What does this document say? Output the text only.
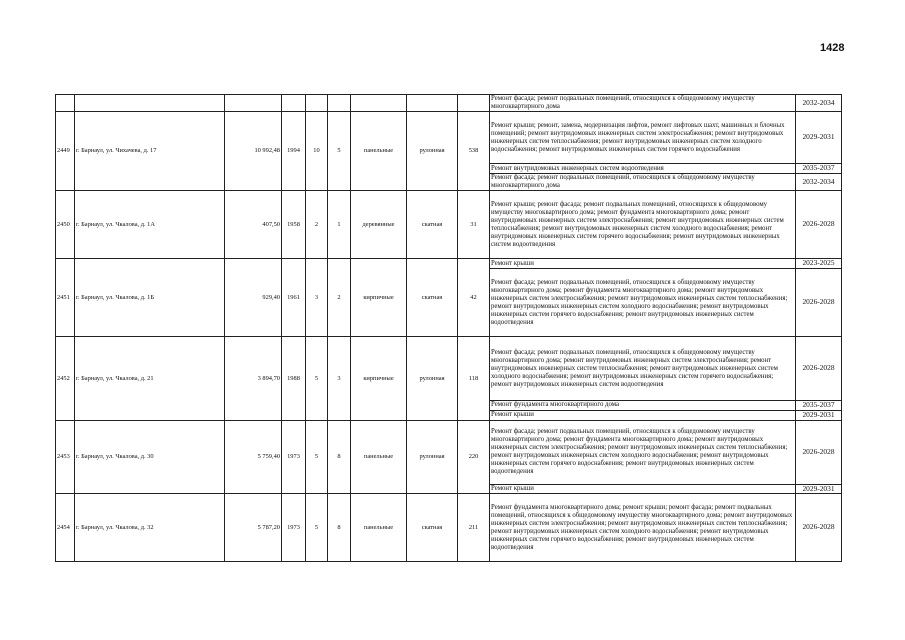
1428
									Ремонт фасада; ремонт подвальных помещений, относящихся к общедомовому имуществу многоквартирного дома	2032-2034
2449	г. Барнаул, ул. Чихачева, д. 17	10 992,48	1994	10	5	панельные	рулонная	538	Ремонт крыши; ремонт, замена, модернизация лифтов, ремонт лифтовых шахт, машинных и блочных помещений; ремонт внутридомовых инженерных систем электроснабжения; ремонт внутридомовых инженерных систем теплоснабжения; ремонт внутридомовых инженерных систем холодного водоснабжения; ремонт внутридомовых инженерных систем горячего водоснабжения	2029-2031
									Ремонт внутридомовых инженерных систем водоотведения	2035-2037
									Ремонт фасада; ремонт подвальных помещений, относящихся к общедомовому имуществу многоквартирного дома	2032-2034
2450	г. Барнаул, ул. Чкалова, д. 1А	407,50	1958	2	1	деревянные	скатная	31	Ремонт крыши; ремонт фасада; ремонт подвальных помещений, относящихся к общедомовому имуществу многоквартирного дома; ремонт фундамента многоквартирного дома; ремонт внутридомовых инженерных систем электроснабжения; ремонт внутридомовых инженерных систем теплоснабжения; ремонт внутридомовых инженерных систем холодного водоснабжения; ремонт внутридомовых инженерных систем горячего водоснабжения; ремонт внутридомовых инженерных систем водоотведения	2026-2028
2451	г. Барнаул, ул. Чкалова, д. 1Б	929,40	1961	3	2	кирпичные	скатная	42	Ремонт крыши	2023-2025
									Ремонт фасада; ремонт подвальных помещений, относящихся к общедомовому имуществу многоквартирного дома; ремонт фундамента многоквартирного дома; ремонт внутридомовых инженерных систем электроснабжения; ремонт внутридомовых инженерных систем теплоснабжения; ремонт внутридомовых инженерных систем холодного водоснабжения; ремонт внутридомовых инженерных систем горячего водоснабжения; ремонт внутридомовых инженерных систем водоотведения	2026-2028
2452	г. Барнаул, ул. Чкалова, д. 21	3 894,70	1988	5	3	кирпичные	рулонная	118	Ремонт фасада; ремонт подвальных помещений, относящихся к общедомовому имуществу многоквартирного дома; ремонт внутридомовых инженерных систем электроснабжения; ремонт внутридомовых инженерных систем теплоснабжения; ремонт внутридомовых инженерных систем холодного водоснабжения; ремонт внутридомовых инженерных систем горячего водоснабжения; ремонт внутридомовых инженерных систем водоотведения	2026-2028
									Ремонт фундамента многоквартирного дома	2035-2037
									Ремонт крыши	2029-2031
2453	г. Барнаул, ул. Чкалова, д. 30	5 759,40	1973	5	8	панельные	рулонная	220	Ремонт фасада; ремонт подвальных помещений, относящихся к общедомовому имуществу многоквартирного дома; ремонт фундамента многоквартирного дома; ремонт внутридомовых инженерных систем электроснабжения; ремонт внутридомовых инженерных систем теплоснабжения; ремонт внутридомовых инженерных систем холодного водоснабжения; ремонт внутридомовых инженерных систем горячего водоснабжения; ремонт внутридомовых инженерных систем водоотведения	2026-2028
									Ремонт крыши	2029-2031
2454	г. Барнаул, ул. Чкалова, д. 32	5 787,20	1973	5	8	панельные	скатная	211	Ремонт фундамента многоквартирного дома; ремонт крыши; ремонт фасада; ремонт подвальных помещений, относящихся к общедомовому имуществу многоквартирного дома; ремонт внутридомовых инженерных систем электроснабжения; ремонт внутридомовых инженерных систем теплоснабжения; ремонт внутридомовых инженерных систем холодного водоснабжения; ремонт внутридомовых инженерных систем горячего водоснабжения; ремонт внутридомовых инженерных систем водоотведения	2026-2028
